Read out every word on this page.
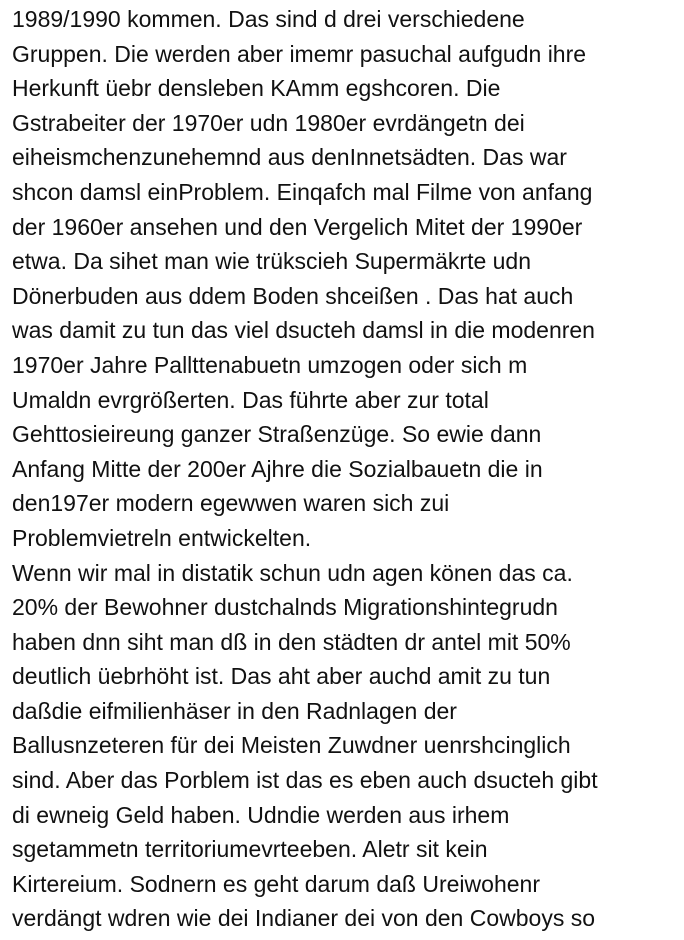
1989/1990 kommen. Das sind d drei verschiedene
Gruppen. Die werden aber imemr pasuchal aufgudn ihre
Herkunft üebr densleben KAmm egshcoren. Die
Gstrabeiter der 1970er udn 1980er evrdängetn dei
eiheismchenzunehemnd aus denInnetsädten. Das war
shcon damsl einProblem. Einqafch mal Filme von anfang
der 1960er ansehen und den Vergelich Mitet der 1990er
etwa. Da sihet man wie trükscieh Supermäkrte udn
Dönerbuden aus ddem Boden shceißen . Das hat auch
was damit zu tun das viel dsucteh damsl in die modenren
1970er Jahre Pallttenabuetn umzogen oder sich m
Umaldn evrgrößerten. Das führte aber zur total
Gehttosieireung ganzer Straßenzüge. So ewie dann
Anfang Mitte der 200er Ajhre die Sozialbauetn die in
den197er modern egewwen waren sich zui
Problemvietreln entwickelten.
Wenn wir mal in distatik schun udn agen könen das ca.
20% der Bewohner dustchalnds Migrationshintegrudn
haben dnn siht man dß in den städten dr antel mit 50%
deutlich üebrhöht ist. Das aht aber auchd amit zu tun
daßdie eifmilienhäser in den Radnlagen der
Ballusnzeteren für dei Meisten Zuwdner uenrshcinglich
sind. Aber das Porblem ist das es eben auch dsucteh gibt
di ewneig Geld haben. Udndie werden aus irhem
sgetammetn territoriumevrteeben. Aletr sit kein
Kirtereium. Sodnern es geht darum daß Ureiwohenr
verdängt wdren wie dei Indianer dei von den Cowboys so
